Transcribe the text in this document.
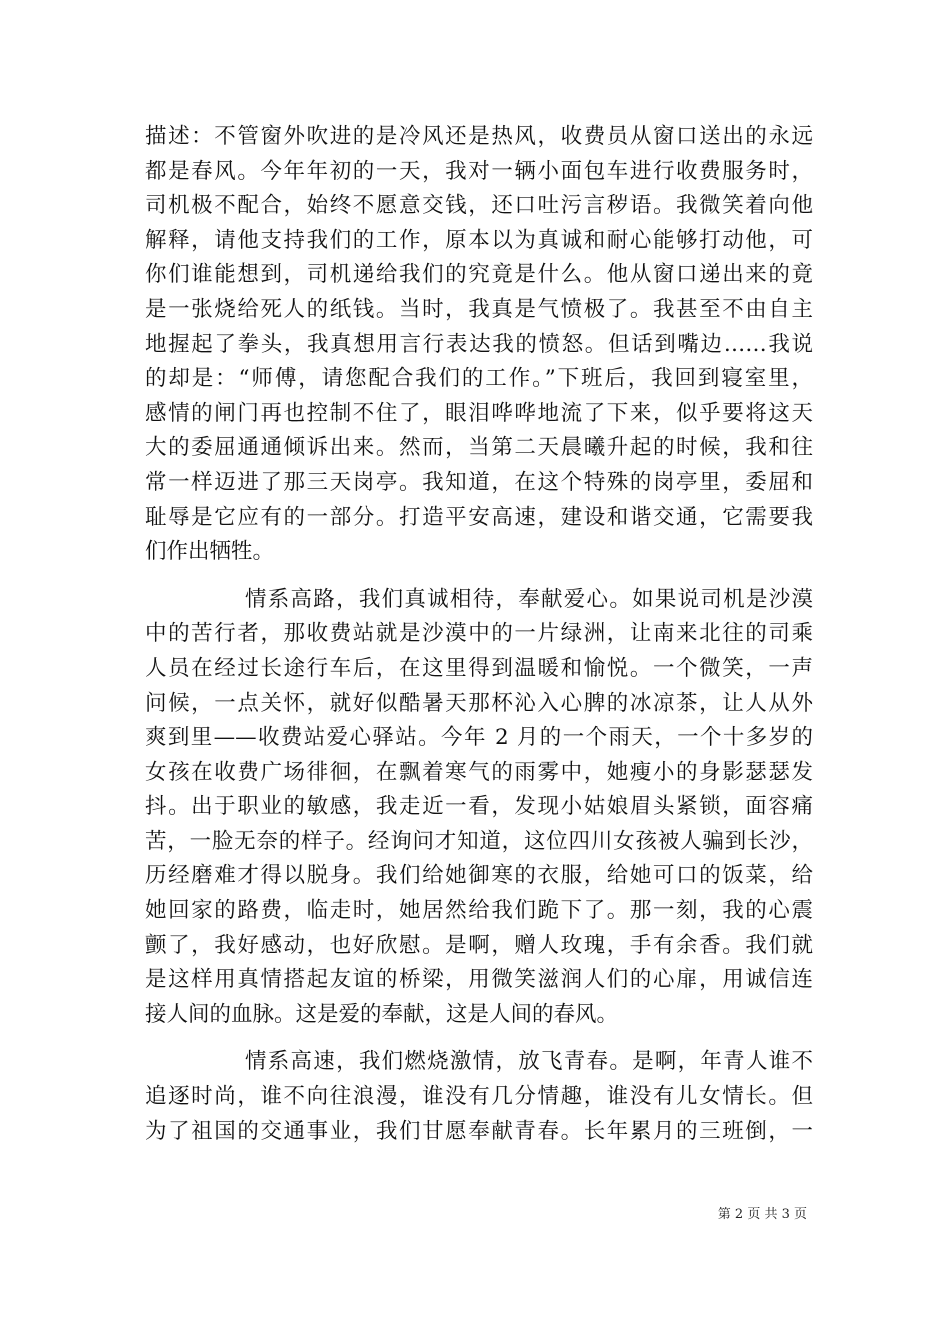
描述：不管窗外吹进的是冷风还是热风，收费员从窗口送出的永远
都是春风。今年年初的一天，我对一辆小面包车进行收费服务时，
司机极不配合，始终不愿意交钱，还口吐污言秽语。我微笑着向他
解释，请他支持我们的工作，原本以为真诚和耐心能够打动他，可
你们谁能想到，司机递给我们的究竟是什么。他从窗口递出来的竟
是一张烧给死人的纸钱。当时，我真是气愤极了。我甚至不由自主
地握起了拳头，我真想用言行表达我的愤怒。但话到嘴边……我说
的却是：“师傅，请您配合我们的工作。”下班后，我回到寝室里，
感情的闸门再也控制不住了，眼泪哗哗地流了下来，似乎要将这天
大的委屈通通倾诉出来。然而，当第二天晨曦升起的时候，我和往
常一样迈进了那三天岗亭。我知道，在这个特殊的岗亭里，委屈和
耻辱是它应有的一部分。打造平安高速，建设和谐交通，它需要我
们作出牺牲。
情系高路，我们真诚相待，奉献爱心。如果说司机是沙漠
中的苦行者，那收费站就是沙漠中的一片绿洲，让南来北往的司乘
人员在经过长途行车后，在这里得到温暖和愉悦。一个微笑，一声
问候，一点关怀，就好似酷暑天那杯沁入心脾的冰凉茶，让人从外
爽到里——收费站爱心驿站。今年 2 月的一个雨天，一个十多岁的
女孩在收费广场徘徊，在飘着寒气的雨雾中，她瘦小的身影瑟瑟发
抖。出于职业的敏感，我走近一看，发现小姑娘眉头紧锁，面容痛
苦，一脸无奈的样子。经询问才知道，这位四川女孩被人骗到长沙，
历经磨难才得以脱身。我们给她御寒的衣服，给她可口的饭菜，给
她回家的路费，临走时，她居然给我们跪下了。那一刻，我的心震
颤了，我好感动，也好欣慰。是啊，赠人玫瑰，手有余香。我们就
是这样用真情搭起友谊的桥梁，用微笑滋润人们的心扉，用诚信连
接人间的血脉。这是爱的奉献，这是人间的春风。
情系高速，我们燃烧激情，放飞青春。是啊，年青人谁不
追逐时尚，谁不向往浪漫，谁没有几分情趣，谁没有儿女情长。但
为了祖国的交通事业，我们甘愿奉献青春。长年累月的三班倒，一
第 2 页 共 3 页
